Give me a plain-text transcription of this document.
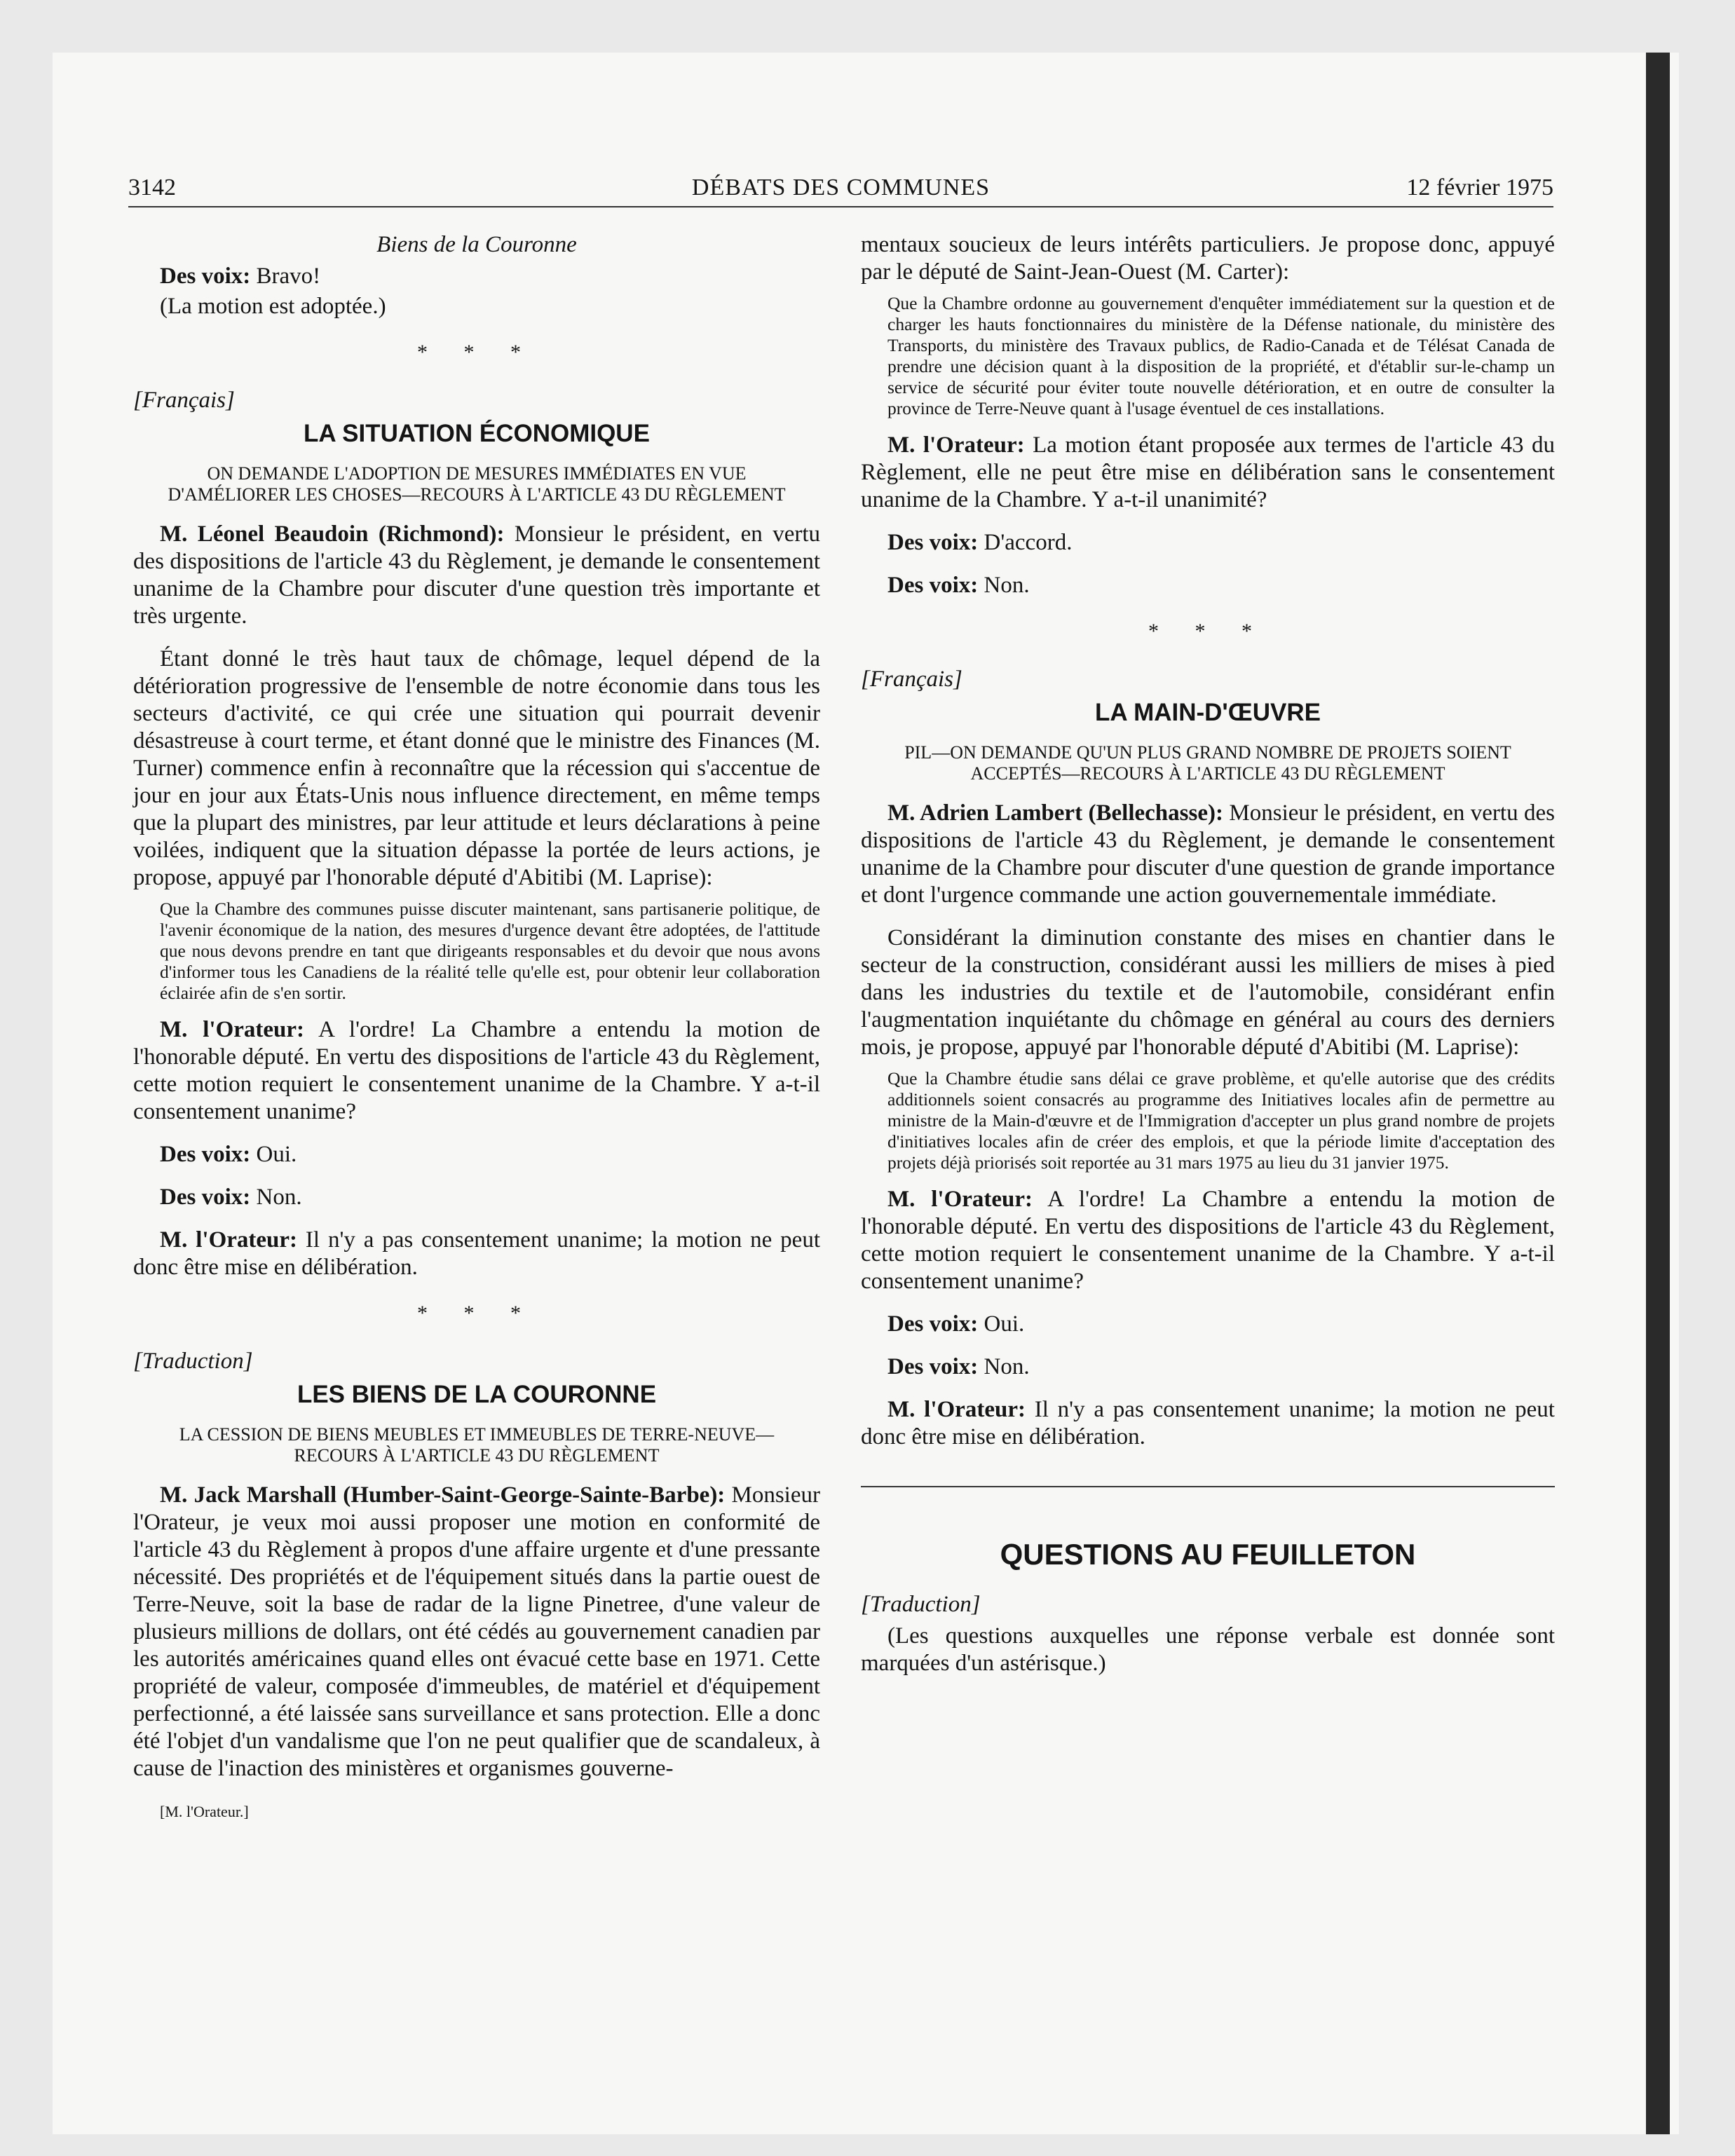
3142	DÉBATS DES COMMUNES	12 février 1975

Biens de la Couronne

Des voix: Bravo!

(La motion est adoptée.)

* * *

[Français]

LA SITUATION ÉCONOMIQUE

ON DEMANDE L'ADOPTION DE MESURES IMMÉDIATES EN VUE D'AMÉLIORER LES CHOSES—RECOURS À L'ARTICLE 43 DU RÈGLEMENT

M. Léonel Beaudoin (Richmond): Monsieur le président, en vertu des dispositions de l'article 43 du Règlement, je demande le consentement unanime de la Chambre pour discuter d'une question très importante et très urgente.

Étant donné le très haut taux de chômage, lequel dépend de la détérioration progressive de l'ensemble de notre économie dans tous les secteurs d'activité, ce qui crée une situation qui pourrait devenir désastreuse à court terme, et étant donné que le ministre des Finances (M. Turner) commence enfin à reconnaître que la récession qui s'accentue de jour en jour aux États-Unis nous influence directement, en même temps que la plupart des ministres, par leur attitude et leurs déclarations à peine voilées, indiquent que la situation dépasse la portée de leurs actions, je propose, appuyé par l'honorable député d'Abitibi (M. Laprise):

Que la Chambre des communes puisse discuter maintenant, sans partisanerie politique, de l'avenir économique de la nation, des mesures d'urgence devant être adoptées, de l'attitude que nous devons prendre en tant que dirigeants responsables et du devoir que nous avons d'informer tous les Canadiens de la réalité telle qu'elle est, pour obtenir leur collaboration éclairée afin de s'en sortir.

M. l'Orateur: A l'ordre! La Chambre a entendu la motion de l'honorable député. En vertu des dispositions de l'article 43 du Règlement, cette motion requiert le consentement unanime de la Chambre. Y a-t-il consentement unanime?

Des voix: Oui.

Des voix: Non.

M. l'Orateur: Il n'y a pas consentement unanime; la motion ne peut donc être mise en délibération.

* * *

[Traduction]

LES BIENS DE LA COURONNE

LA CESSION DE BIENS MEUBLES ET IMMEUBLES DE TERRE-NEUVE—RECOURS À L'ARTICLE 43 DU RÈGLEMENT

M. Jack Marshall (Humber-Saint-George-Sainte-Barbe): Monsieur l'Orateur, je veux moi aussi proposer une motion en conformité de l'article 43 du Règlement à propos d'une affaire urgente et d'une pressante nécessité. Des propriétés et de l'équipement situés dans la partie ouest de Terre-Neuve, soit la base de radar de la ligne Pinetree, d'une valeur de plusieurs millions de dollars, ont été cédés au gouvernement canadien par les autorités américaines quand elles ont évacué cette base en 1971. Cette propriété de valeur, composée d'immeubles, de matériel et d'équipement perfectionné, a été laissée sans surveillance et sans protection. Elle a donc été l'objet d'un vandalisme que l'on ne peut qualifier que de scandaleux, à cause de l'inaction des ministères et organismes gouverne-

[M. l'Orateur.]

mentaux soucieux de leurs intérêts particuliers. Je propose donc, appuyé par le député de Saint-Jean-Ouest (M. Carter):

Que la Chambre ordonne au gouvernement d'enquêter immédiatement sur la question et de charger les hauts fonctionnaires du ministère de la Défense nationale, du ministère des Transports, du ministère des Travaux publics, de Radio-Canada et de Télésat Canada de prendre une décision quant à la disposition de la propriété, et d'établir sur-le-champ un service de sécurité pour éviter toute nouvelle détérioration, et en outre de consulter la province de Terre-Neuve quant à l'usage éventuel de ces installations.

M. l'Orateur: La motion étant proposée aux termes de l'article 43 du Règlement, elle ne peut être mise en délibération sans le consentement unanime de la Chambre. Y a-t-il unanimité?

Des voix: D'accord.

Des voix: Non.

* * *

[Français]

LA MAIN-D'ŒUVRE

PIL—ON DEMANDE QU'UN PLUS GRAND NOMBRE DE PROJETS SOIENT ACCEPTÉS—RECOURS À L'ARTICLE 43 DU RÈGLEMENT

M. Adrien Lambert (Bellechasse): Monsieur le président, en vertu des dispositions de l'article 43 du Règlement, je demande le consentement unanime de la Chambre pour discuter d'une question de grande importance et dont l'urgence commande une action gouvernementale immédiate.

Considérant la diminution constante des mises en chantier dans le secteur de la construction, considérant aussi les milliers de mises à pied dans les industries du textile et de l'automobile, considérant enfin l'augmentation inquiétante du chômage en général au cours des derniers mois, je propose, appuyé par l'honorable député d'Abitibi (M. Laprise):

Que la Chambre étudie sans délai ce grave problème, et qu'elle autorise que des crédits additionnels soient consacrés au programme des Initiatives locales afin de permettre au ministre de la Main-d'œuvre et de l'Immigration d'accepter un plus grand nombre de projets d'initiatives locales afin de créer des emplois, et que la période limite d'acceptation des projets déjà priorisés soit reportée au 31 mars 1975 au lieu du 31 janvier 1975.

M. l'Orateur: A l'ordre! La Chambre a entendu la motion de l'honorable député. En vertu des dispositions de l'article 43 du Règlement, cette motion requiert le consentement unanime de la Chambre. Y a-t-il consentement unanime?

Des voix: Oui.

Des voix: Non.

M. l'Orateur: Il n'y a pas consentement unanime; la motion ne peut donc être mise en délibération.

QUESTIONS AU FEUILLETON

[Traduction]

(Les questions auxquelles une réponse verbale est donnée sont marquées d'un astérisque.)
